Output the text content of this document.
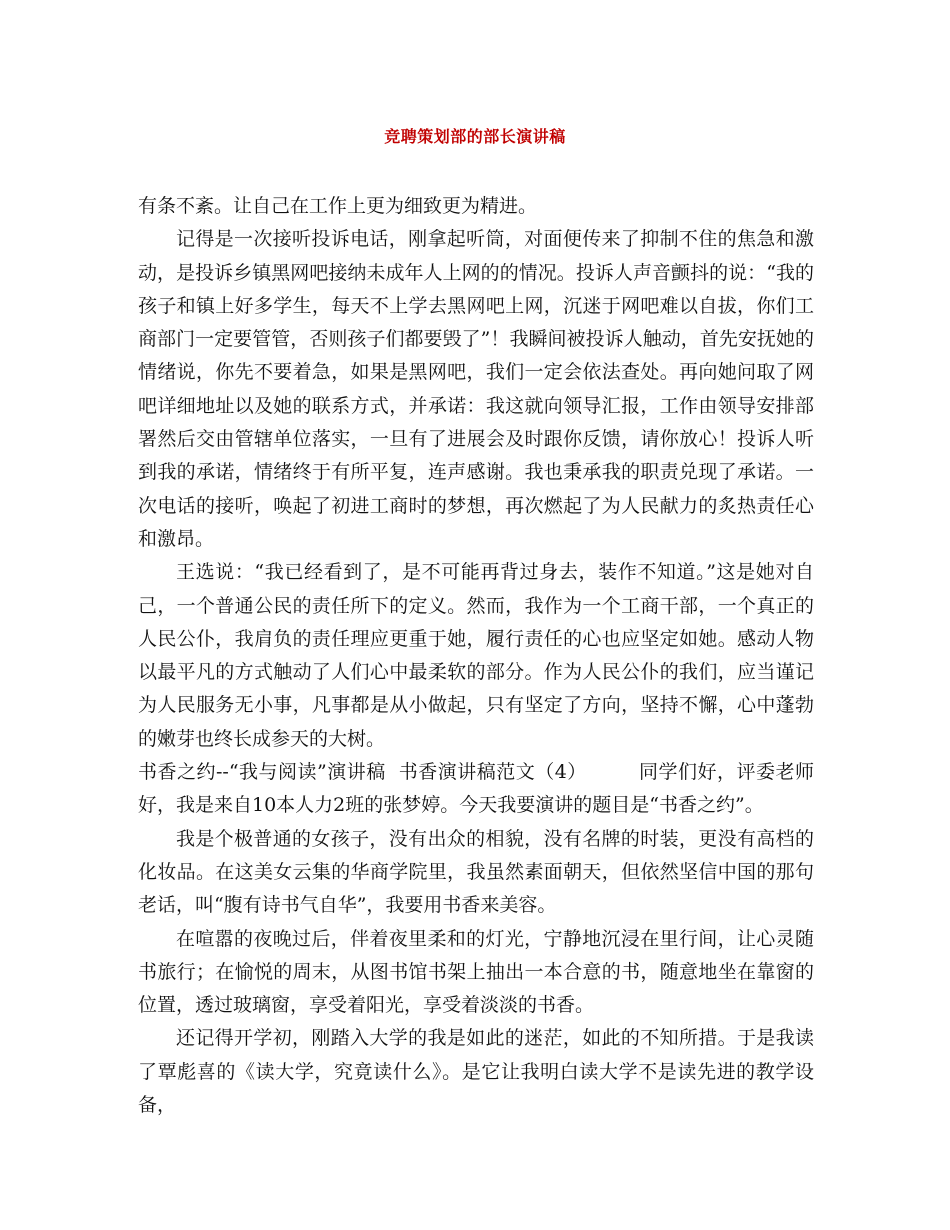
竞聘策划部的部长演讲稿

有条不紊。让自己在工作上更为细致更为精进。

记得是一次接听投诉电话，刚拿起听筒，对面便传来了抑制不住的焦急和激动，是投诉乡镇黑网吧接纳未成年人上网的的情况。投诉人声音颤抖的说：“我的孩子和镇上好多学生，每天不上学去黑网吧上网，沉迷于网吧难以自拔，你们工商部门一定要管管，否则孩子们都要毁了”！我瞬间被投诉人触动，首先安抚她的情绪说，你先不要着急，如果是黑网吧，我们一定会依法查处。再向她问取了网吧详细地址以及她的联系方式，并承诺：我这就向领导汇报，工作由领导安排部署然后交由管辖单位落实，一旦有了进展会及时跟你反馈，请你放心！投诉人听到我的承诺，情绪终于有所平复，连声感谢。我也秉承我的职责兑现了承诺。一次电话的接听，唤起了初进工商时的梦想，再次燃起了为人民献力的炙热责任心和激昂。

王选说：“我已经看到了，是不可能再背过身去，装作不知道。”这是她对自己，一个普通公民的责任所下的定义。然而，我作为一个工商干部，一个真正的人民公仆，我肩负的责任理应更重于她，履行责任的心也应坚定如她。感动人物以最平凡的方式触动了人们心中最柔软的部分。作为人民公仆的我们，应当谨记为人民服务无小事，凡事都是从小做起，只有坚定了方向，坚持不懈，心中蓬勃的嫩芽也终长成参天的大树。

书香之约--“我与阅读”演讲稿  书香演讲稿范文（4）        同学们好，评委老师好，我是来自10本人力2班的张梦婷。今天我要演讲的题目是“书香之约”。

我是个极普通的女孩子，没有出众的相貌，没有名牌的时装，更没有高档的化妆品。在这美女云集的华商学院里，我虽然素面朝天，但依然坚信中国的那句老话，叫“腹有诗书气自华”，我要用书香来美容。

在喧嚣的夜晚过后，伴着夜里柔和的灯光，宁静地沉浸在里行间，让心灵随书旅行；在愉悦的周末，从图书馆书架上抽出一本合意的书，随意地坐在靠窗的位置，透过玻璃窗，享受着阳光，享受着淡淡的书香。

还记得开学初，刚踏入大学的我是如此的迷茫，如此的不知所措。于是我读了覃彪喜的《读大学，究竟读什么》。是它让我明白读大学不是读先进的教学设备，
